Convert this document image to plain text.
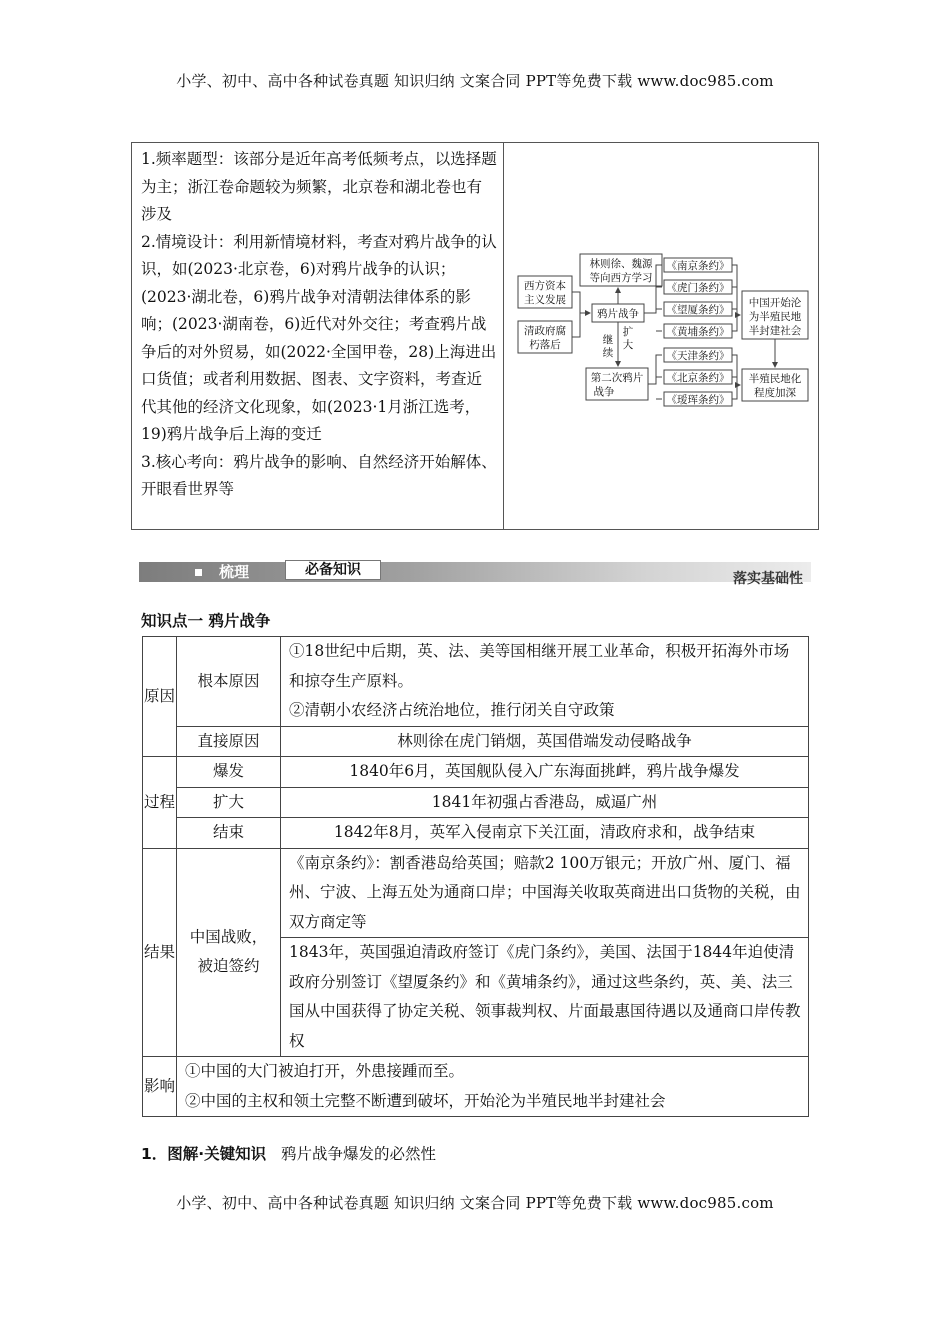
小学、初中、高中各种试卷真题 知识归纳 文案合同 PPT等免费下载 www.doc985.com

1.频率题型：该部分是近年高考低频考点，以选择题为主；浙江卷命题较为频繁，北京卷和湖北卷也有涉及

2.情境设计：利用新情境材料，考查对鸦片战争的认识，如(2023·北京卷，6)对鸦片战争的认识；(2023·湖北卷，6)鸦片战争对清朝法律体系的影响；(2023·湖南卷，6)近代对外交往；考查鸦片战争后的对外贸易，如(2022·全国甲卷，28)上海进出口货值；或者利用数据、图表、文字资料，考查近代其他的经济文化现象，如(2023·1月浙江选考，19)鸦片战争后上海的变迁

3.核心考向：鸦片战争的影响、自然经济开始解体、开眼看世界等

西方资本
主义发展
清政府腐
朽落后
林则徐、魏源
等向西方学习
鸦片战争
继
续
扩
大
第二次鸦片
战争
《南京条约》
《虎门条约》
《望厦条约》
《黄埔条约》
《天津条约》
《北京条约》
《瑷珲条约》
中国开始沦
为半殖民地
半封建社会
半殖民地化
程度加深
梳理	必备知识
落实基础性
知识点一 鸦片战争
原因	根本原因	①18世纪中后期，英、法、美等国相继开展工业革命，积极开拓海外市场和掠夺生产原料。
②清朝小农经济占统治地位，推行闭关自守政策

	直接原因	林则徐在虎门销烟，英国借端发动侵略战争
过程	爆发	1840年6月，英国舰队侵入广东海面挑衅，鸦片战争爆发
	扩大	1841年初强占香港岛，威逼广州
	结束	1842年8月，英军入侵南京下关江面，清政府求和，战争结束
结果	中国战败，被迫签约	《南京条约》：割香港岛给英国；赔款2 100万银元；开放广州、厦门、福州、宁波、上海五处为通商口岸；中国海关收取英商进出口货物的关税，由双方商定等
		1843年，英国强迫清政府签订《虎门条约》，美国、法国于1844年迫使清政府分别签订《望厦条约》和《黄埔条约》，通过这些条约，英、美、法三国从中国获得了协定关税、领事裁判权、片面最惠国待遇以及通商口岸传教权
影响	①中国的大门被迫打开，外患接踵而至。
②中国的主权和领土完整不断遭到破坏，开始沦为半殖民地半封建社会	
1．图解·关键知识 鸦片战争爆发的必然性
小学、初中、高中各种试卷真题 知识归纳 文案合同 PPT等免费下载 www.doc985.com
